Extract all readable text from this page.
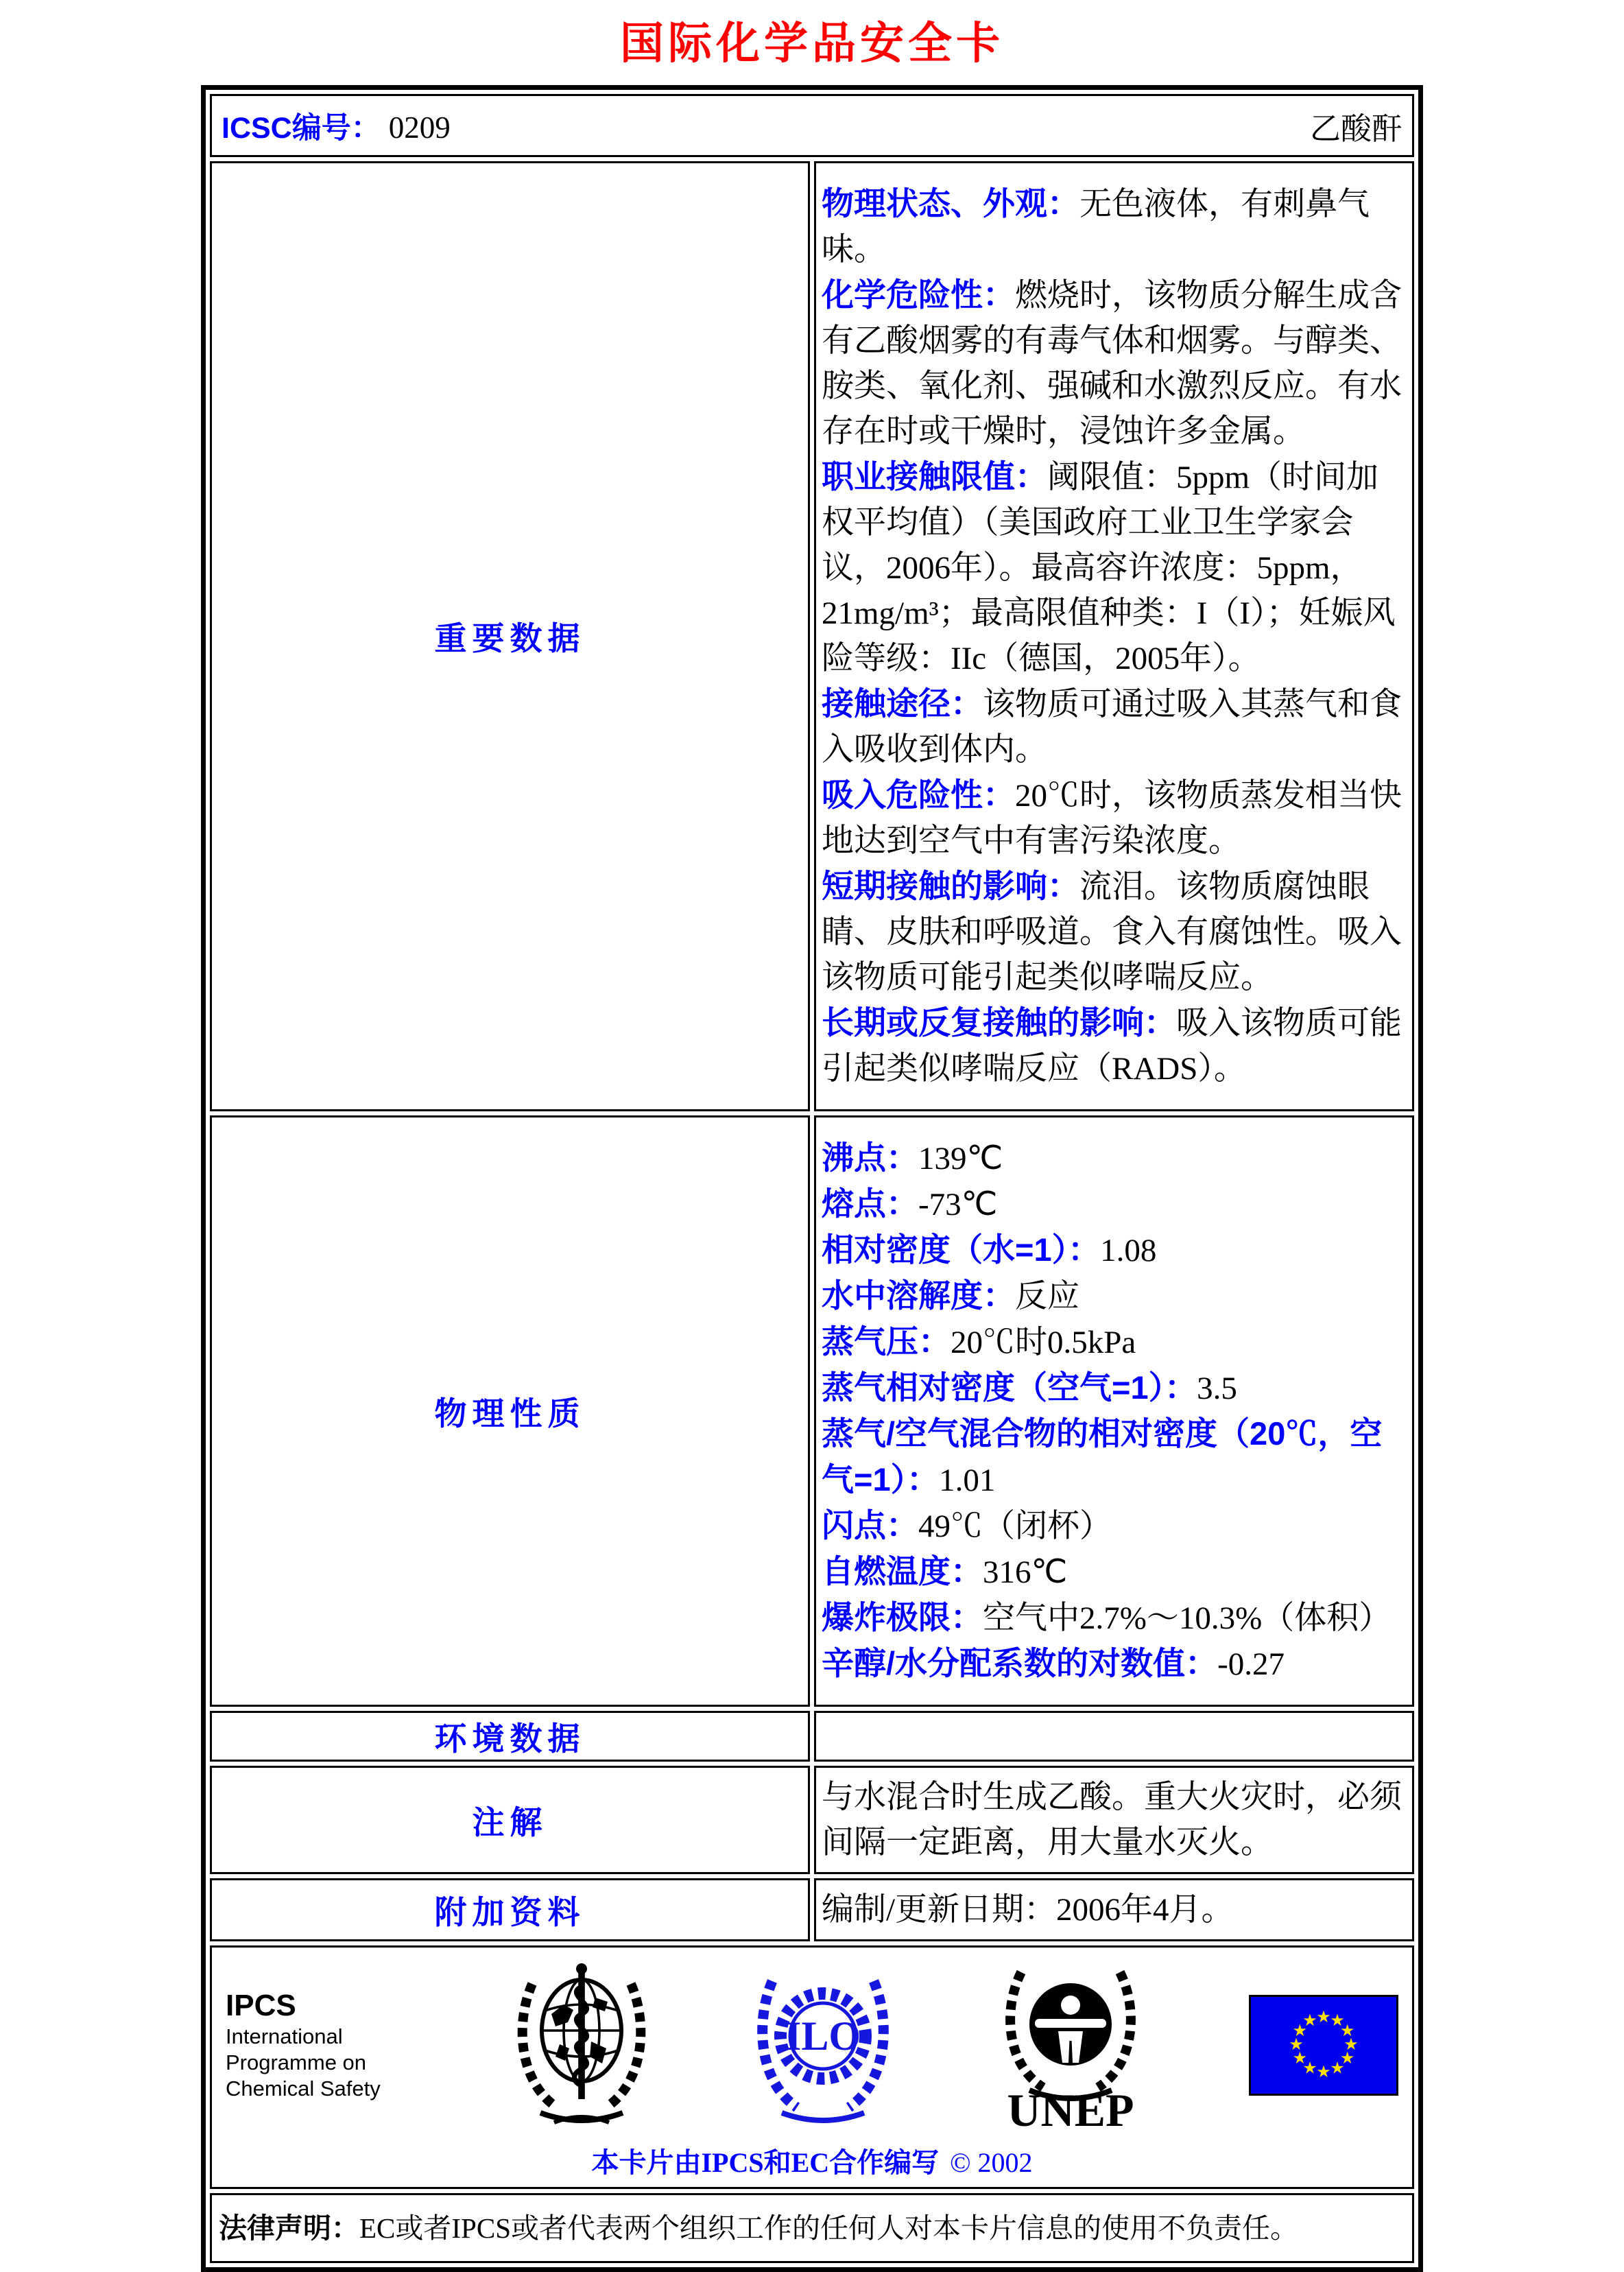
国际化学品安全卡
ICSC编号： 0209 乙酸酐	

重要数据	

物理状态、外观：无色液体，有刺鼻气味。

化学危险性：燃烧时，该物质分解生成含有乙酸烟雾的有毒气体和烟雾。与醇类、胺类、氧化剂、强碱和水激烈反应。有水存在时或干燥时，浸蚀许多金属。

职业接触限值：阈限值：5ppm（时间加权平均值）（美国政府工业卫生学家会议，2006年）。最高容许浓度：5ppm，21mg/m³；最高限值种类：I（I）；妊娠风险等级：IIc（德国，2005年）。

接触途径：该物质可通过吸入其蒸气和食入吸收到体内。

吸入危险性：20℃时，该物质蒸发相当快地达到空气中有害污染浓度。

短期接触的影响：流泪。该物质腐蚀眼睛、皮肤和呼吸道。食入有腐蚀性。吸入该物质可能引起类似哮喘反应。

长期或反复接触的影响：吸入该物质可能引起类似哮喘反应（RADS）。

物理性质	

沸点：139℃

熔点：-73℃

相对密度（水=1）：1.08

水中溶解度：反应

蒸气压：20℃时0.5kPa

蒸气相对密度（空气=1）：3.5

蒸气/空气混合物的相对密度（20℃，空气=1）：1.01

闪点：49℃（闭杯）

自燃温度：316℃

爆炸极限：空气中2.7%～10.3%（体积）

辛醇/水分配系数的对数值：-0.27

环境数据	
注解	与水混合时生成乙酸。重大火灾时，必须间隔一定距离，用大量水灭火。

附加资料	编制/更新日期：2006年4月。

IPCS
International
Programme on
Chemical Safety
ILO
UNEP
★
★
★
★
★
★
★
★
★
★
★
★
本卡片由IPCS和EC合作编写 © 2002

法律声明：EC或者IPCS或者代表两个组织工作的任何人对本卡片信息的使用不负责任。	
